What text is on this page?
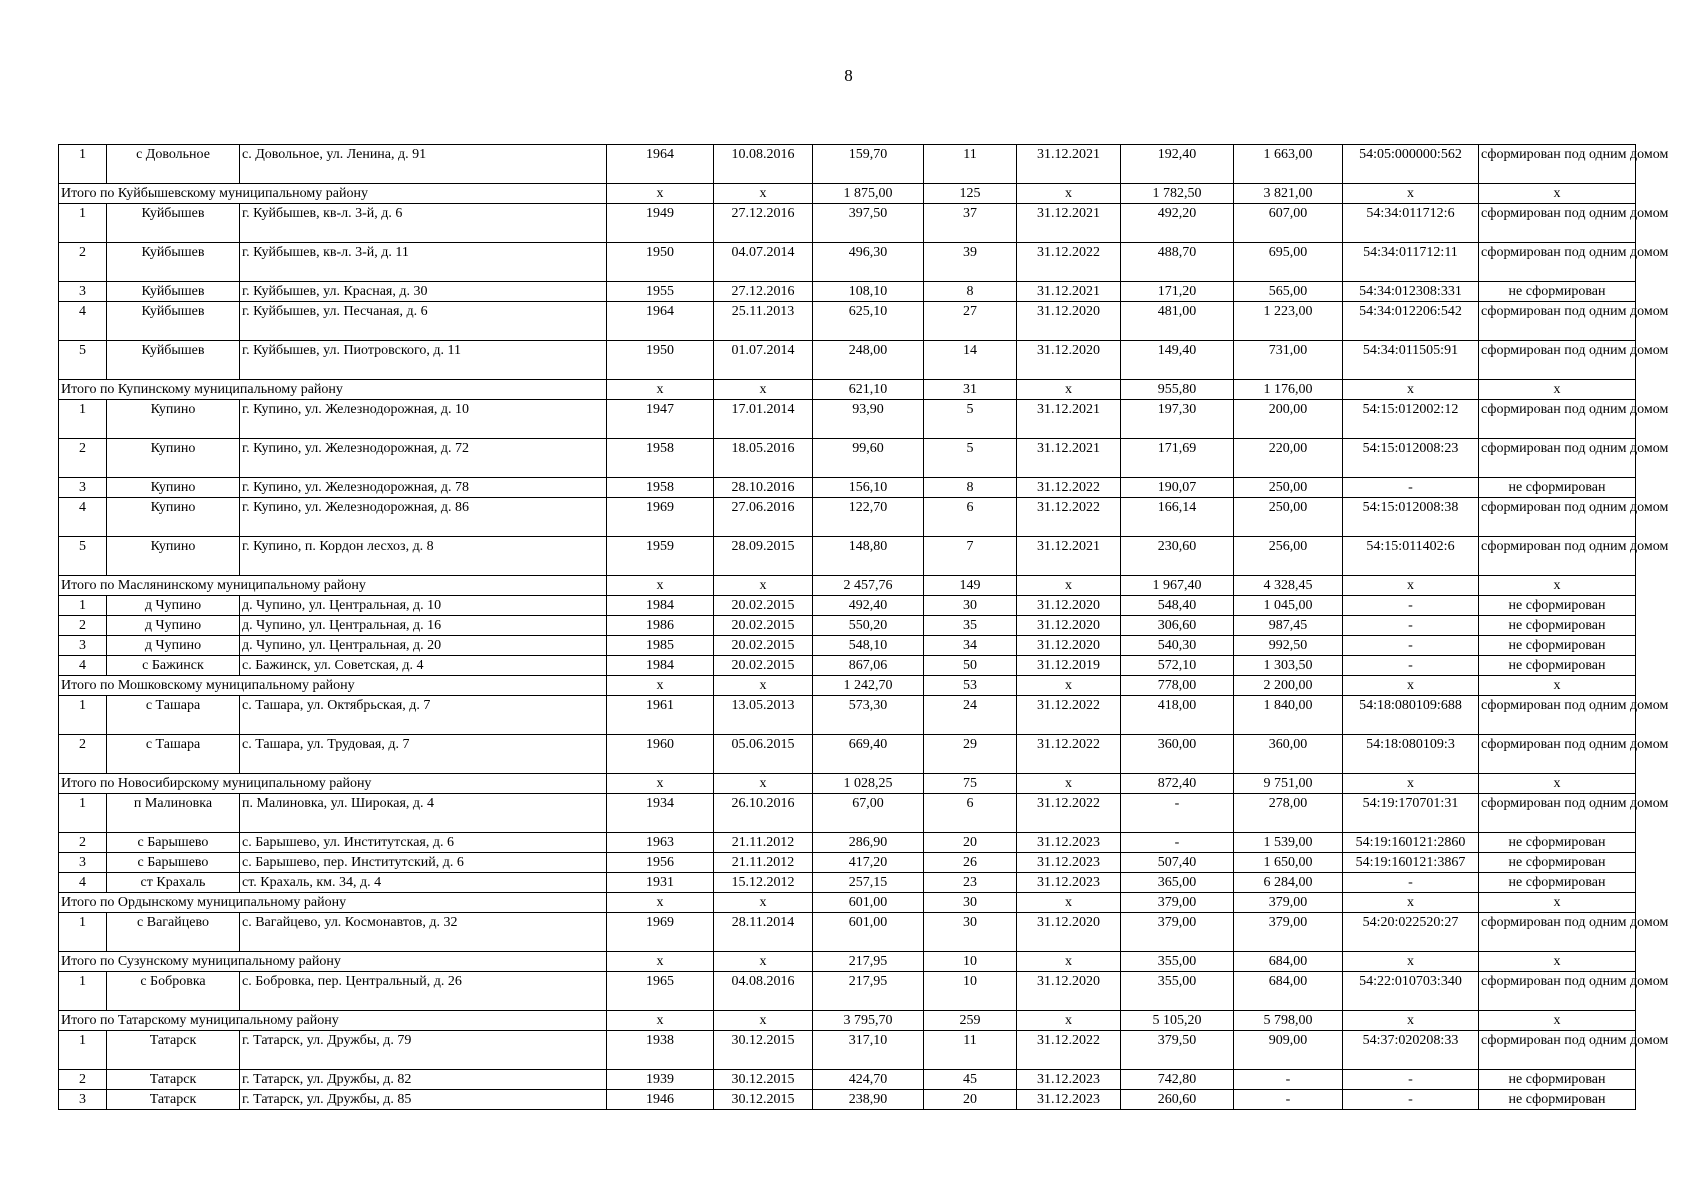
8
1	с Довольное	с. Довольное, ул. Ленина, д. 91	1964	10.08.2016	159,70	11	31.12.2021	192,40	1 663,00	54:05:000000:562	сформирован под одним домом
Итого по Куйбышевскому муниципальному району			х	х	1 875,00	125	х	1 782,50	3 821,00	х	х
1	Куйбышев	г. Куйбышев, кв-л. 3-й, д. 6	1949	27.12.2016	397,50	37	31.12.2021	492,20	607,00	54:34:011712:6	сформирован под одним домом
2	Куйбышев	г. Куйбышев, кв-л. 3-й, д. 11	1950	04.07.2014	496,30	39	31.12.2022	488,70	695,00	54:34:011712:11	сформирован под одним домом
3	Куйбышев	г. Куйбышев, ул. Красная, д. 30	1955	27.12.2016	108,10	8	31.12.2021	171,20	565,00	54:34:012308:331	не сформирован
4	Куйбышев	г. Куйбышев, ул. Песчаная, д. 6	1964	25.11.2013	625,10	27	31.12.2020	481,00	1 223,00	54:34:012206:542	сформирован под одним домом
5	Куйбышев	г. Куйбышев, ул. Пиотровского, д. 11	1950	01.07.2014	248,00	14	31.12.2020	149,40	731,00	54:34:011505:91	сформирован под одним домом
Итого по Купинскому муниципальному району			х	х	621,10	31	х	955,80	1 176,00	х	х
1	Купино	г. Купино, ул. Железнодорожная, д. 10	1947	17.01.2014	93,90	5	31.12.2021	197,30	200,00	54:15:012002:12	сформирован под одним домом
2	Купино	г. Купино, ул. Железнодорожная, д. 72	1958	18.05.2016	99,60	5	31.12.2021	171,69	220,00	54:15:012008:23	сформирован под одним домом
3	Купино	г. Купино, ул. Железнодорожная, д. 78	1958	28.10.2016	156,10	8	31.12.2022	190,07	250,00	-	не сформирован
4	Купино	г. Купино, ул. Железнодорожная, д. 86	1969	27.06.2016	122,70	6	31.12.2022	166,14	250,00	54:15:012008:38	сформирован под одним домом
5	Купино	г. Купино, п. Кордон лесхоз, д. 8	1959	28.09.2015	148,80	7	31.12.2021	230,60	256,00	54:15:011402:6	сформирован под одним домом
Итого по Маслянинскому муниципальному району			х	х	2 457,76	149	х	1 967,40	4 328,45	х	х
1	д Чупино	д. Чупино, ул. Центральная, д. 10	1984	20.02.2015	492,40	30	31.12.2020	548,40	1 045,00	-	не сформирован
2	д Чупино	д. Чупино, ул. Центральная, д. 16	1986	20.02.2015	550,20	35	31.12.2020	306,60	987,45	-	не сформирован
3	д Чупино	д. Чупино, ул. Центральная, д. 20	1985	20.02.2015	548,10	34	31.12.2020	540,30	992,50	-	не сформирован
4	с Бажинск	с. Бажинск, ул. Советская, д. 4	1984	20.02.2015	867,06	50	31.12.2019	572,10	1 303,50	-	не сформирован
Итого по Мошковскому муниципальному району			х	х	1 242,70	53	х	778,00	2 200,00	х	х
1	с Ташара	с. Ташара, ул. Октябрьская, д. 7	1961	13.05.2013	573,30	24	31.12.2022	418,00	1 840,00	54:18:080109:688	сформирован под одним домом
2	с Ташара	с. Ташара, ул. Трудовая, д. 7	1960	05.06.2015	669,40	29	31.12.2022	360,00	360,00	54:18:080109:3	сформирован под одним домом
Итого по Новосибирскому муниципальному району			х	х	1 028,25	75	х	872,40	9 751,00	х	х
1	п Малиновка	п. Малиновка, ул. Широкая, д. 4	1934	26.10.2016	67,00	6	31.12.2022	-	278,00	54:19:170701:31	сформирован под одним домом
2	с Барышево	с. Барышево, ул. Институтская, д. 6	1963	21.11.2012	286,90	20	31.12.2023	-	1 539,00	54:19:160121:2860	не сформирован
3	с Барышево	с. Барышево, пер. Институтский, д. 6	1956	21.11.2012	417,20	26	31.12.2023	507,40	1 650,00	54:19:160121:3867	не сформирован
4	ст Крахаль	ст. Крахаль, км. 34, д. 4	1931	15.12.2012	257,15	23	31.12.2023	365,00	6 284,00	-	не сформирован
Итого по Ордынскому муниципальному району			х	х	601,00	30	х	379,00	379,00	х	х
1	с Вагайцево	с. Вагайцево, ул. Космонавтов, д. 32	1969	28.11.2014	601,00	30	31.12.2020	379,00	379,00	54:20:022520:27	сформирован под одним домом
Итого по Сузунскому муниципальному району			х	х	217,95	10	х	355,00	684,00	х	х
1	с Бобровка	с. Бобровка, пер. Центральный, д. 26	1965	04.08.2016	217,95	10	31.12.2020	355,00	684,00	54:22:010703:340	сформирован под одним домом
Итого по Татарскому муниципальному району			х	х	3 795,70	259	х	5 105,20	5 798,00	х	х
1	Татарск	г. Татарск, ул. Дружбы, д. 79	1938	30.12.2015	317,10	11	31.12.2022	379,50	909,00	54:37:020208:33	сформирован под одним домом
2	Татарск	г. Татарск, ул. Дружбы, д. 82	1939	30.12.2015	424,70	45	31.12.2023	742,80	-	-	не сформирован
3	Татарск	г. Татарск, ул. Дружбы, д. 85	1946	30.12.2015	238,90	20	31.12.2023	260,60	-	-	не сформирован
